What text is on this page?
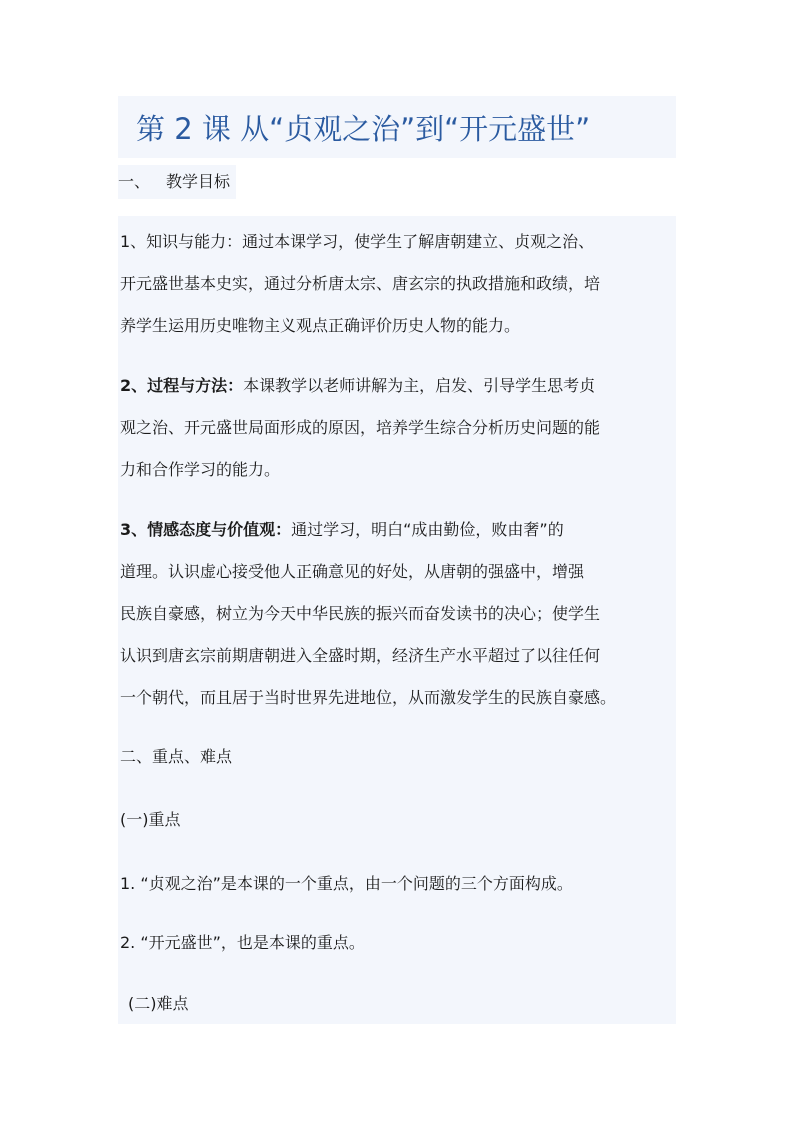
第 2 课 从“贞观之治”到“开元盛世”
一、 教学目标
1、知识与能力：通过本课学习，使学生了解唐朝建立、贞观之治、
开元盛世基本史实，通过分析唐太宗、唐玄宗的执政措施和政绩，培
养学生运用历史唯物主义观点正确评价历史人物的能力。
2、过程与方法：本课教学以老师讲解为主，启发、引导学生思考贞
观之治、开元盛世局面形成的原因，培养学生综合分析历史问题的能
力和合作学习的能力。
3、情感态度与价值观：通过学习，明白“成由勤俭，败由奢”的
道理。认识虚心接受他人正确意见的好处，从唐朝的强盛中，增强
民族自豪感，树立为今天中华民族的振兴而奋发读书的决心；使学生
认识到唐玄宗前期唐朝进入全盛时期，经济生产水平超过了以往任何
一个朝代，而且居于当时世界先进地位，从而激发学生的民族自豪感。
二、重点、难点
(一)重点
1. “贞观之治”是本课的一个重点，由一个问题的三个方面构成。
2. “开元盛世”，也是本课的重点。
(二)难点
